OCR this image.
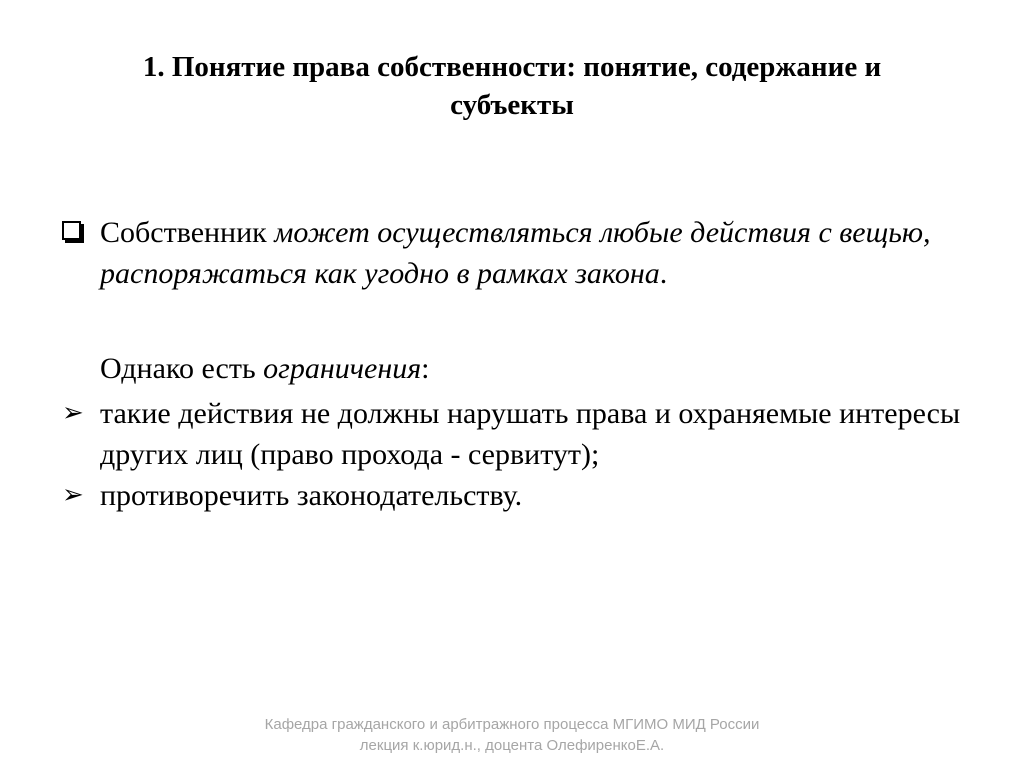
1. Понятие права собственности: понятие, содержание и
субъекты
Собственник может осуществляться любые действия с вещью, распоряжаться как угодно в рамках закона.
Однако есть ограничения:
➢ такие действия не должны нарушать права и охраняемые интересы других лиц (право прохода - сервитут);
➢ противоречить законодательству.
Кафедра гражданского и арбитражного процесса МГИМО МИД России
лекция к.юрид.н., доцента ОлефиренкоЕ.А.
